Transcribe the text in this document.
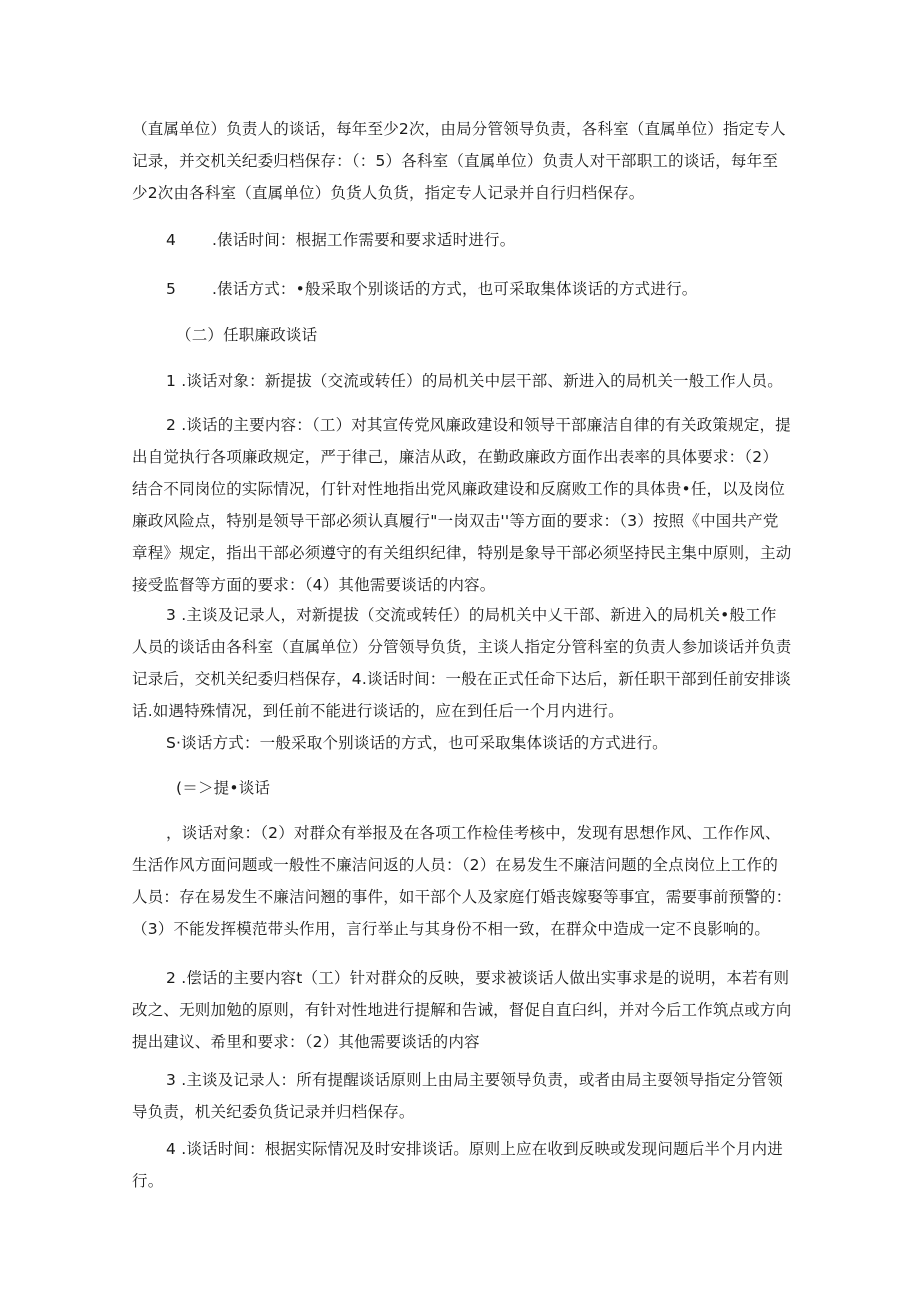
（直属单位）负责人的谈话，每年至少2次，由局分管领导负责，各科室（直属单位）指定专人记录，并交机关纪委归档保存：（：5）各科室（直属单位）负责人对干部职工的谈话，每年至少2次由各科室（直属单位）负货人负货，指定专人记录并自行归档保存。

4 .俵话时间：根据工作需要和要求适时进行。

5 .俵话方式：•般采取个别谈话的方式，也可采取集体谈话的方式进行。

（二）任职廉政谈话

1 .谈话对象：新提拔（交流或转任）的局机关中层干部、新进入的局机关一般工作人员。

2 .谈话的主要内容：（工）对其宣传党风廉政建设和领导干部廉洁自律的有关政策规定，提出自觉执行各项廉政规定，严于律己，廉洁从政，在勤政廉政方面作出表率的具体要求：（2）结合不同岗位的实际情况，仃针对性地指出党风廉政建设和反腐败工作的具体贵•任，以及岗位廉政风险点，特别是领导干部必须认真履行"一岗双击''等方面的要求：（3）按照《中国共产党章程》规定，指出干部必须遵守的有关组织纪律，特别是象导干部必须坚持民主集中原则，主动接受监督等方面的要求：（4）其他需要谈话的内容。

3 .主谈及记录人，对新提拔（交流或转任）的局机关中乂干部、新进入的局机关•般工作人员的谈话由各科室（直属单位）分管领导负货，主谈人指定分管科室的负责人参加谈话并负责记录后，交机关纪委归档保存，4.谈话时间：一般在正式任命下达后，新任职干部到任前安排谈话.如遇特殊情况，到任前不能进行谈话的，应在到任后一个月内进行。

S·谈话方式：一般采取个别谈话的方式，也可采取集体谈话的方式进行。

(＝＞提•谈话

，谈话对象：（2）对群众有举报及在各项工作检佳考核中，发现有思想作风、工作作风、生活作风方面问题或一般性不廉洁问返的人员：（2）在易发生不廉洁问题的全点岗位上工作的人员：存在易发生不廉洁问翘的事件，如干部个人及家庭仃婚丧嫁娶等事宜，需要事前预警的：（3）不能发挥模范带头作用，言行举止与其身份不相一致，在群众中造成一定不良影响的。

2 .偿话的主要内容t（工）针对群众的反映，要求被谈话人做出实事求是的说明，本若有则改之、无则加勉的原则，有针对性地进行提解和告诫，督促自直臼纠，并对今后工作筑点或方向提出建议、希里和要求：（2）其他需要谈话的内容

3 .主谈及记录人：所有提醒谈话原则上由局主要领导负责，或者由局主耍领导指定分管领导负责，机关纪委负货记录并归档保存。

4 .谈话时间：根据实际情况及时安排谈话。原则上应在收到反映或发现问题后半个月内进行。
